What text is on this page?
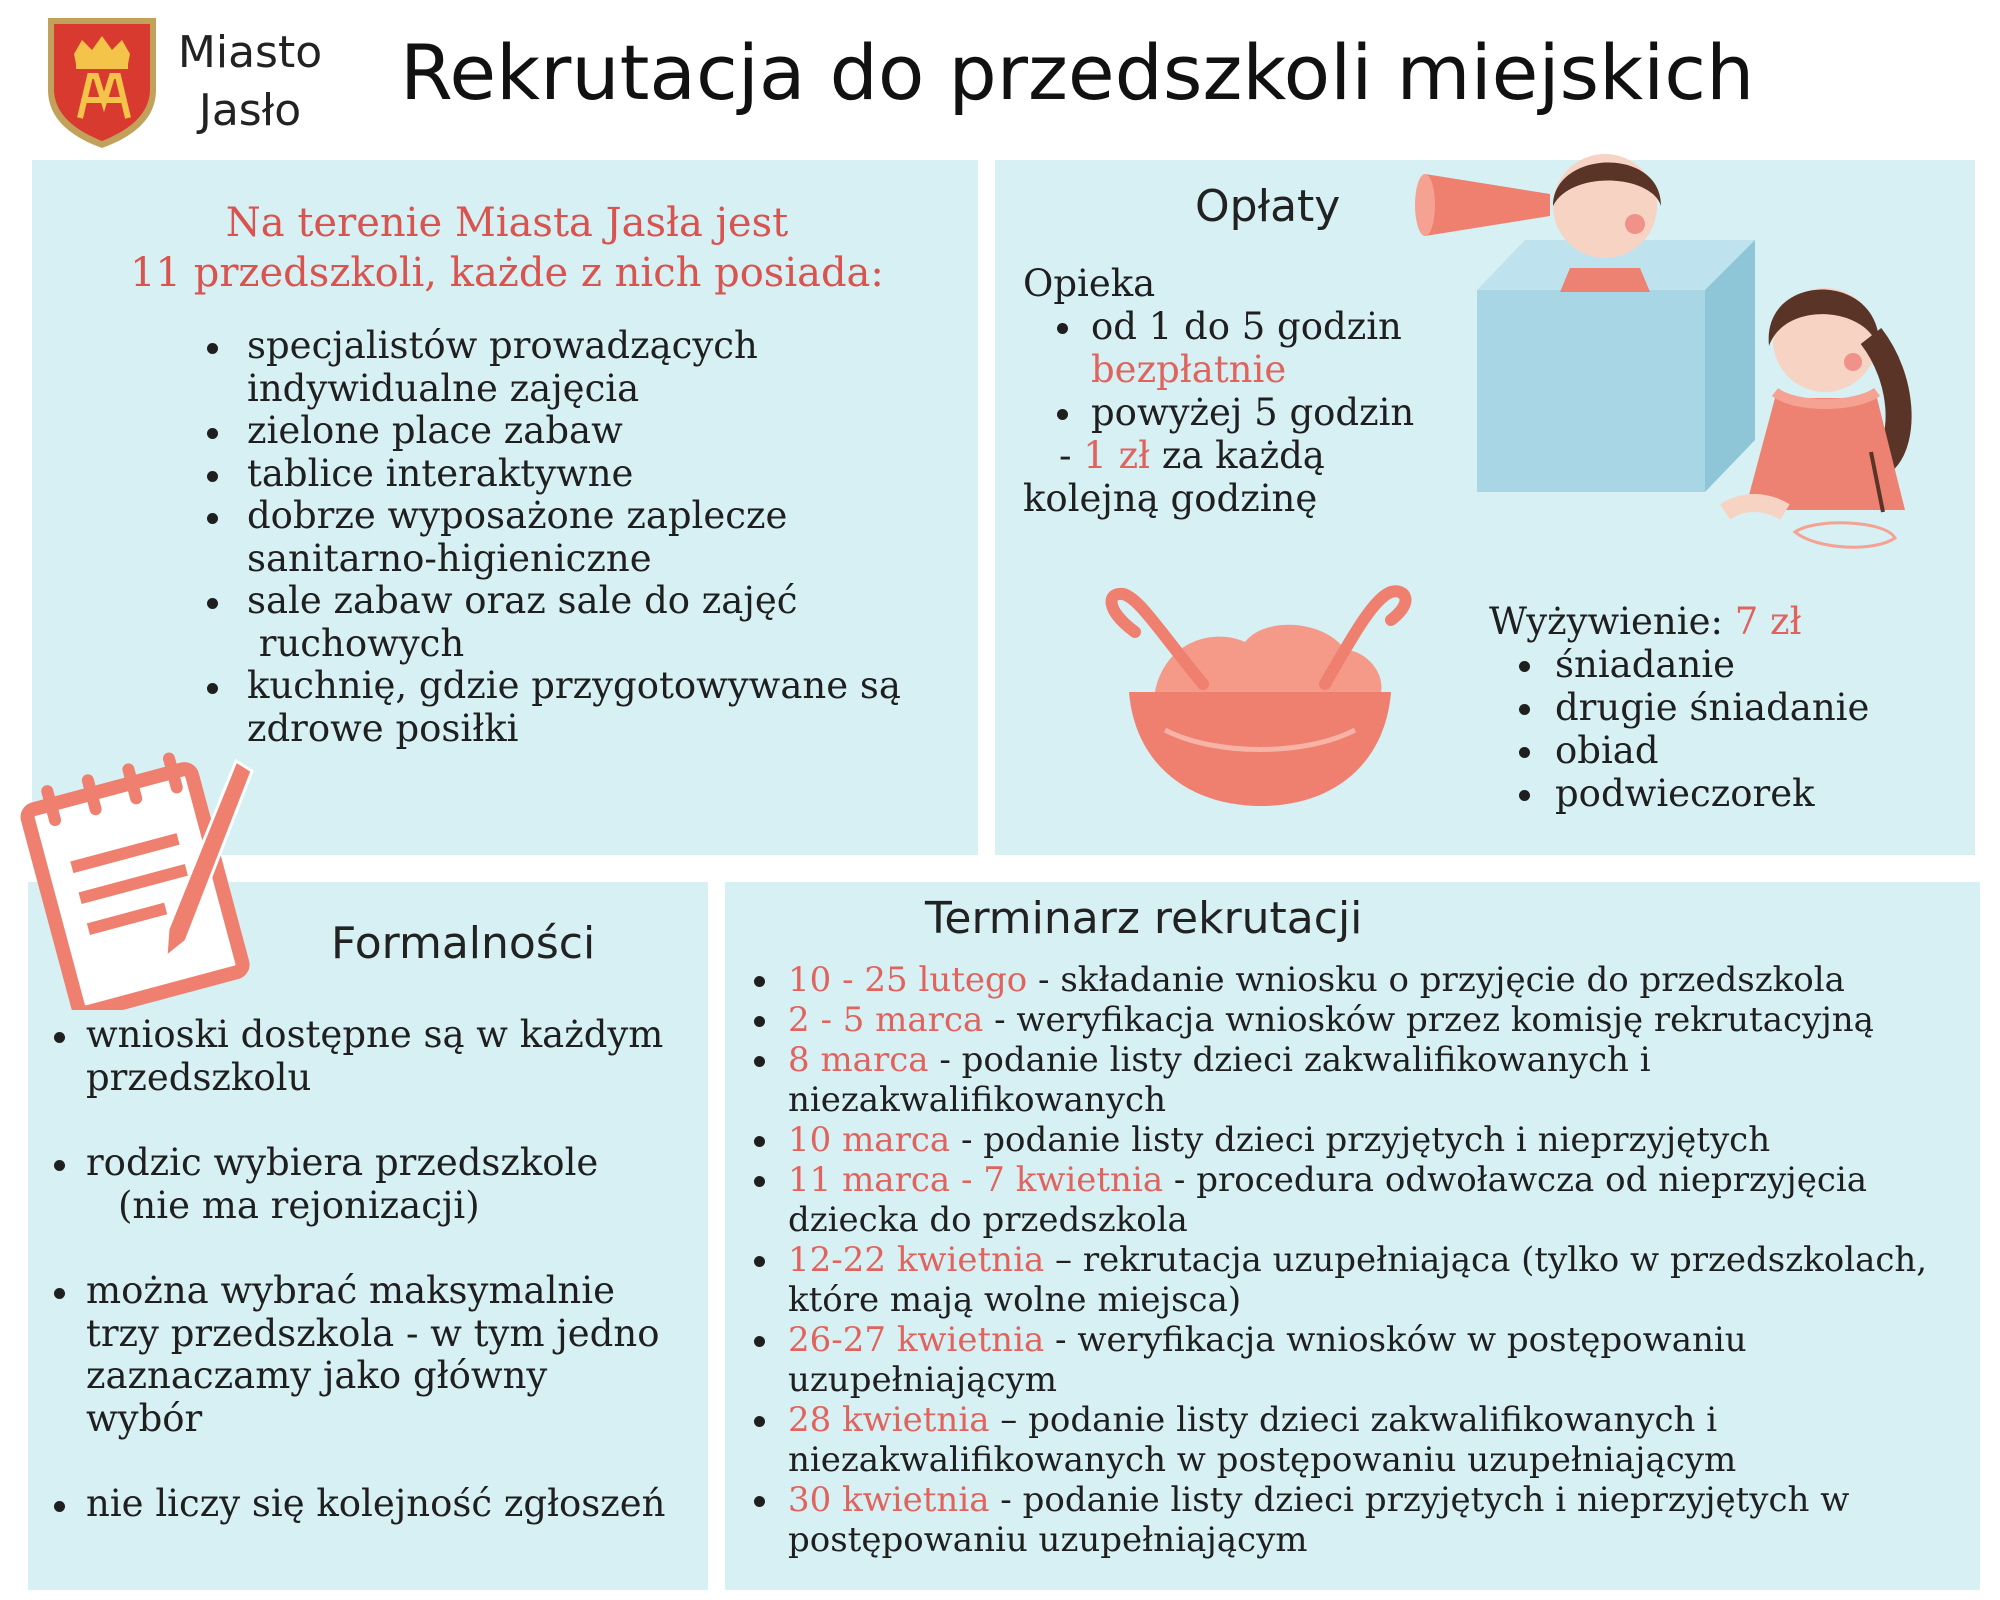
Miasto
Jasło	Rekrutacja do przedszkoli miejskich
Na terenie Miasta Jasła jest
11 przedszkoli, każde z nich posiada:
specjalistów prowadzących
indywidualne zajęcia
zielone place zabaw
tablice interaktywne
dobrze wyposażone zaplecze
sanitarno-higieniczne
sale zabaw oraz sale do zajęć
ruchowych
kuchnię, gdzie przygotowywane są
zdrowe posiłki
Opłaty
Opieka
od 1 do 5 godzin
bezpłatnie
powyżej 5 godzin
- 1 zł za każdą
kolejną godzinę
Wyżywienie: 7 zł
śniadanie
drugie śniadanie
obiad
podwieczorek
Formalności
wnioski dostępne są w każdym
przedszkolu
rodzic wybiera przedszkole
(nie ma rejonizacji)
można wybrać maksymalnie
trzy przedszkola - w tym jedno
zaznaczamy jako główny
wybór
nie liczy się kolejność zgłoszeń
Terminarz rekrutacji
10 - 25 lutego - składanie wniosku o przyjęcie do przedszkola
2 - 5 marca - weryfikacja wniosków przez komisję rekrutacyjną
8 marca - podanie listy dzieci zakwalifikowanych i niezakwalifikowanych
10 marca - podanie listy dzieci przyjętych i nieprzyjętych
11 marca - 7 kwietnia - procedura odwoławcza od nieprzyjęcia dziecka do przedszkola
12-22 kwietnia – rekrutacja uzupełniająca (tylko w przedszkolach, które mają wolne miejsca)
26-27 kwietnia - weryfikacja wniosków w postępowaniu uzupełniającym
28 kwietnia – podanie listy dzieci zakwalifikowanych i niezakwalifikowanych w postępowaniu uzupełniającym
30 kwietnia - podanie listy dzieci przyjętych i nieprzyjętych w postępowaniu uzupełniającym
